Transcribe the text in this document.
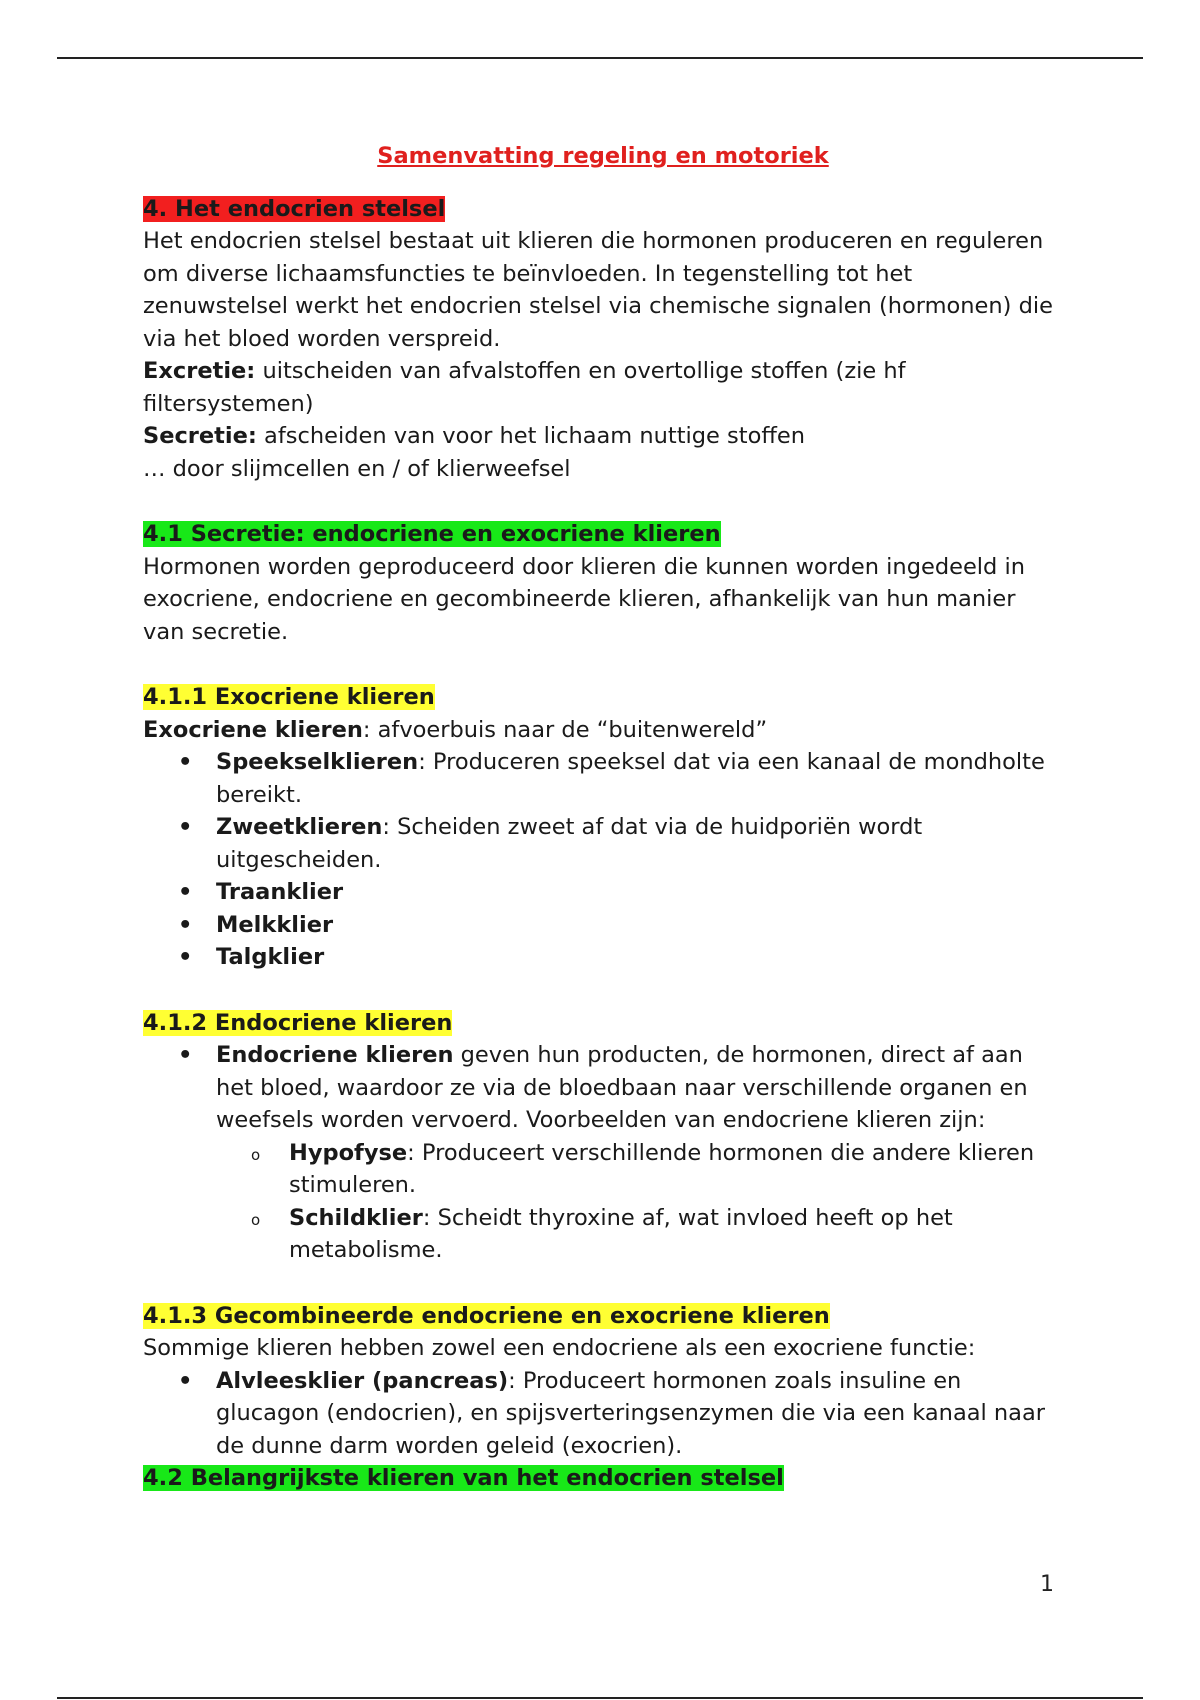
Samenvatting regeling en motoriek

4. Het endocrien stelsel

Het endocrien stelsel bestaat uit klieren die hormonen produceren en reguleren om diverse lichaamsfuncties te beïnvloeden. In tegenstelling tot het zenuwstelsel werkt het endocrien stelsel via chemische signalen (hormonen) die via het bloed worden verspreid.

Excretie: uitscheiden van afvalstoffen en overtollige stoffen (zie hf filtersystemen)

Secretie: afscheiden van voor het lichaam nuttige stoffen

… door slijmcellen en / of klierweefsel

4.1 Secretie: endocriene en exocriene klieren

Hormonen worden geproduceerd door klieren die kunnen worden ingedeeld in exocriene, endocriene en gecombineerde klieren, afhankelijk van hun manier van secretie.

4.1.1 Exocriene klieren

Exocriene klieren: afvoerbuis naar de “buitenwereld”

• Speekselklieren: Produceren speeksel dat via een kanaal de mondholte bereikt.
• Zweetklieren: Scheiden zweet af dat via de huidporiën wordt uitgescheiden.
• Traanklier
• Melkklier
• Talgklier
4.1.2 Endocriene klieren
• Endocriene klieren geven hun producten, de hormonen, direct af aan het bloed, waardoor ze via de bloedbaan naar verschillende organen en weefsels worden vervoerd. Voorbeelden van endocriene klieren zijn:
o Hypofyse: Produceert verschillende hormonen die andere klieren stimuleren.
o Schildklier: Scheidt thyroxine af, wat invloed heeft op het metabolisme.
4.1.3 Gecombineerde endocriene en exocriene klieren

Sommige klieren hebben zowel een endocriene als een exocriene functie:

• Alvleesklier (pancreas): Produceert hormonen zoals insuline en glucagon (endocrien), en spijsverteringsenzymen die via een kanaal naar de dunne darm worden geleid (exocrien).
4.2 Belangrijkste klieren van het endocrien stelsel
1
